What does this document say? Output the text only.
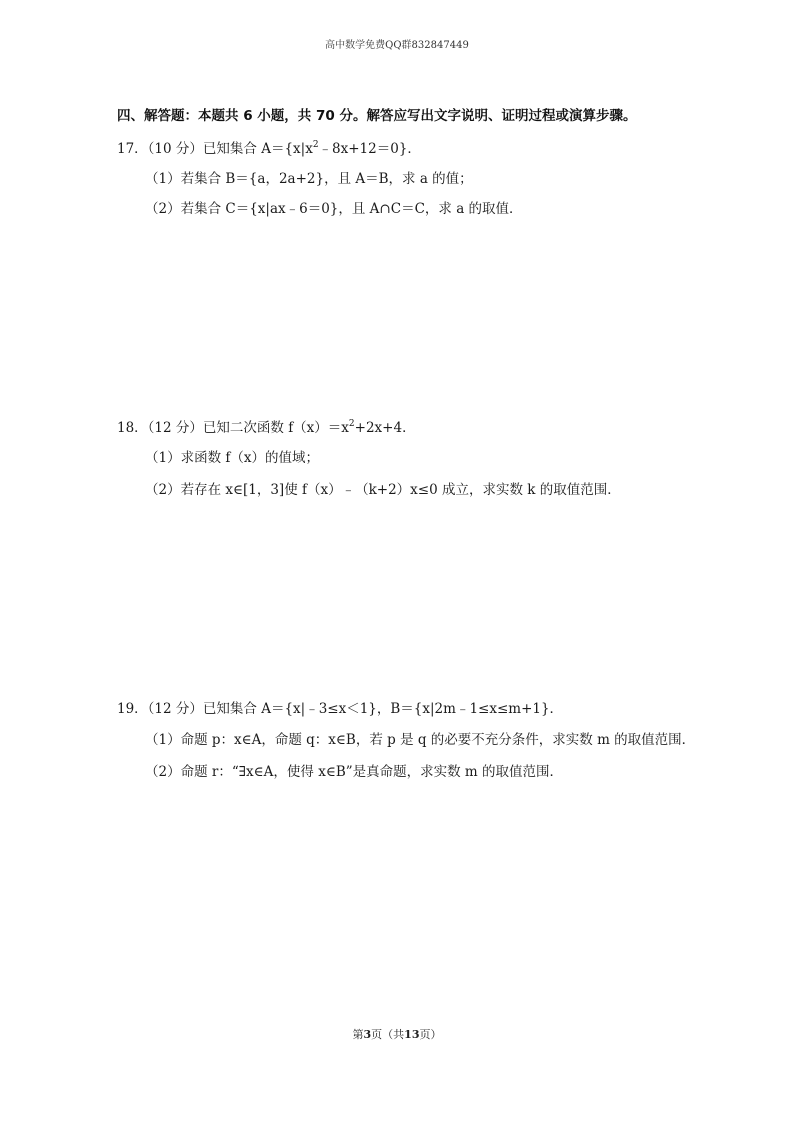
高中数学免费QQ群832847449
四、解答题：本题共 6 小题，共 70 分。解答应写出文字说明、证明过程或演算步骤。
17．（10 分）已知集合 $A=\{x|x^2﹣8x+12=0\}$．
（1）若集合 B＝{a，2a+2}，且 A＝B，求 a 的值；
（2）若集合 C＝{x|ax﹣6＝0}，且 A∩C＝C，求 a 的取值．
18．（12 分）已知二次函数 $f(x)=x^2+2x+4$．
（1）求函数 f（x）的值域；
（2）若存在 x∈[1，3]使 f（x）﹣（k+2）x≤0 成立，求实数 k 的取值范围．
19．（12 分）已知集合 A＝{x|﹣3≤x＜1}，B＝{x|2m﹣1≤x≤m+1}．
（1）命题 p：x∈A，命题 q：x∈B，若 p 是 q 的必要不充分条件，求实数 m 的取值范围．
（2）命题 r：“∃x∈A，使得 x∈B”是真命题，求实数 m 的取值范围．
第3页（共13页）
